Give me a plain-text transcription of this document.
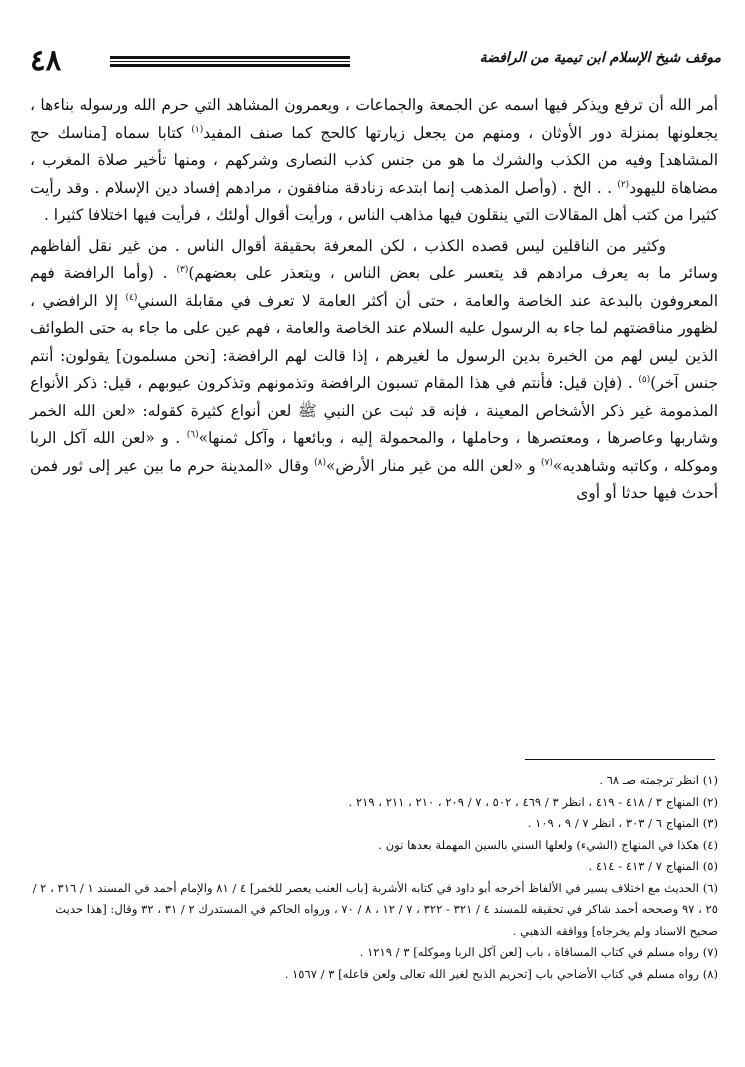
٤٨	موقف شيخ الإسلام ابن تيمية من الرافضة

أمر الله أن ترفع ويذكر فيها اسمه عن الجمعة والجماعات ، ويعمرون المشاهد التي حرم الله ورسوله بناءها ، يجعلونها بمنزلة دور الأوثان ، ومنهم من يجعل زيارتها كالحج كما صنف المفيد$^{(١)}$ كتابا سماه [مناسك حج المشاهد] وفيه من الكذب والشرك ما هو من جنس كذب النصارى وشركهم ، ومنها تأخير صلاة المغرب ، مضاهاة لليهود$^{(٢)}$ . . الخ . (وأصل المذهب إنما ابتدعه زنادقة منافقون ، مرادهم إفساد دين الإسلام . وقد رأيت كثيرا من كتب أهل المقالات التي ينقلون فيها مذاهب الناس ، ورأيت أقوال أولئك ، فرأيت فيها اختلافا كثيرا .

وكثير من الناقلين ليس قصده الكذب ، لكن المعرفة بحقيقة أقوال الناس . من غير نقل ألفاظهم وسائر ما به يعرف مرادهم قد يتعسر على بعض الناس ، ويتعذر على بعضهم)$^{(٣)}$ . (وأما الرافضة فهم المعروفون بالبدعة عند الخاصة والعامة ، حتى أن أكثر العامة لا تعرف في مقابلة السني$^{(٤)}$ إلا الرافضي ، لظهور مناقضتهم لما جاء به الرسول عليه السلام عند الخاصة والعامة ، فهم عين على ما جاء به حتى الطوائف الذين ليس لهم من الخبرة بدين الرسول ما لغيرهم ، إذا قالت لهم الرافضة: [نحن مسلمون] يقولون: أنتم جنس آخر)$^{(٥)}$ . (فإن قيل: فأنتم في هذا المقام تسبون الرافضة وتذمونهم وتذكرون عيوبهم ، قيل: ذكر الأنواع المذمومة غير ذكر الأشخاص المعينة ، فإنه قد ثبت عن النبي ﷺ لعن أنواع كثيرة كقوله: «لعن الله الخمر وشاربها وعاصرها ، ومعتصرها ، وحاملها ، والمحمولة إليه ، وبائعها ، وآكل ثمنها»$^{(٦)}$ . و «لعن الله آكل الربا وموكله ، وكاتبه وشاهديه»$^{(٧)}$ و «لعن الله من غير منار الأرض»$^{(٨)}$ وقال «المدينة حرم ما بين عير إلى ثور فمن أحدث فيها حدثا أو أوى

(١) انظر ترجمته صـ ٦٨ .

(٢) المنهاج ٣ / ٤١٨ - ٤١٩ ، انظر ٣ / ٤٦٩ ، ٥٠٢ ، ٧ / ٢٠٩ ، ٢١٠ ، ٢١١ ، ٢١٩ .

(٣) المنهاج ٦ / ٣٠٣ ، انظر ٧ / ٩ ، ١٠٩ .

(٤) هكذا في المنهاج (الشيء) ولعلها السني بالسين المهملة بعدها نون .

(٥) المنهاج ٧ / ٤١٣ - ٤١٤ .

(٦) الحديث مع اختلاف يسير في الألفاظ أخرجه أبو داود في كتابه الأشربة [باب العنب يعصر للخمر] ٤ / ٨١ والإمام أحمد في المسند ١ / ٣١٦ ، ٢ / ٢٥ ، ٩٧ وصححه أحمد شاكر في تحقيقه للمسند ٤ / ٣٢١ - ٣٢٢ ، ٧ / ١٢ ، ٨ / ٧٠ ، ورواه الحاكم في المستدرك ٢ / ٣١ ، ٣٢ وقال: [هذا حديث صحيح الاسناد ولم يخرجاه] ووافقه الذهبي .

(٧) رواه مسلم في كتاب المساقاة ، باب [لعن آكل الربا وموكله] ٣ / ١٢١٩ .

(٨) رواه مسلم في كتاب الأضاحي باب [تحريم الذبح لغير الله تعالى ولعن فاعله] ٣ / ١٥٦٧ .
